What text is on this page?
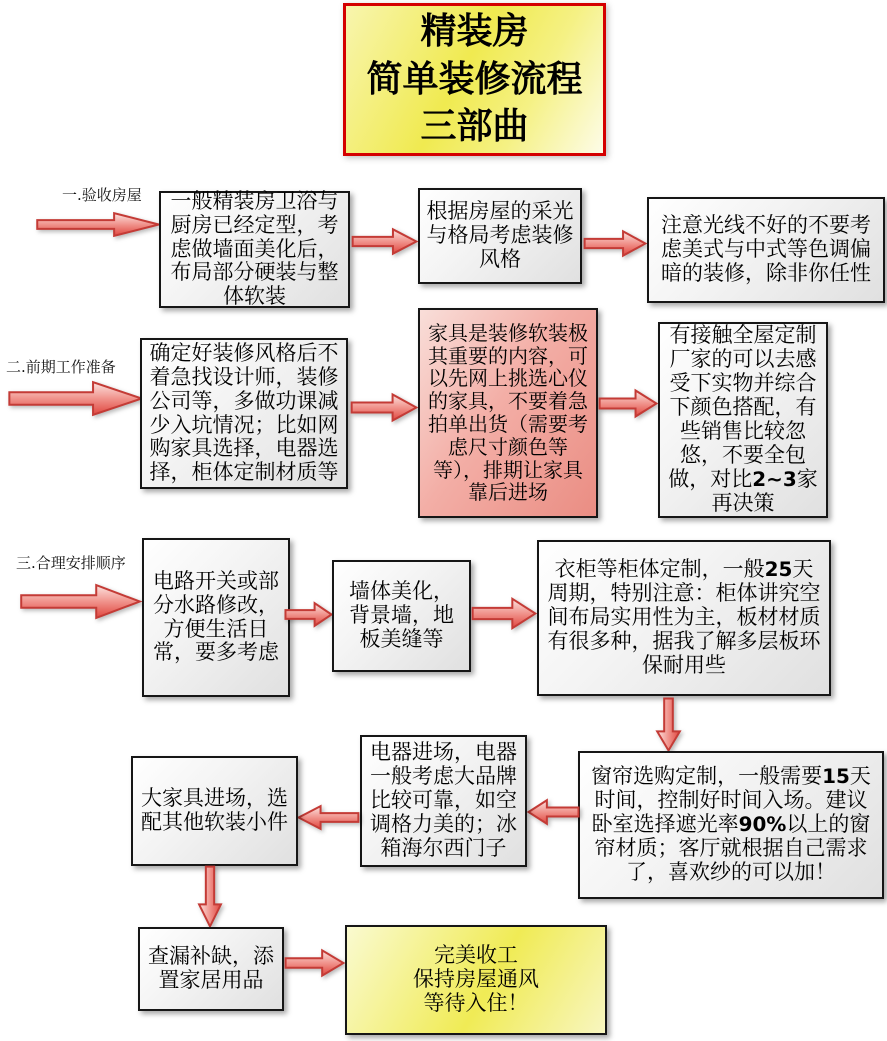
精装房
简单装修流程
三部曲
一.验收房屋
二.前期工作准备
三.合理安排顺序
一般精装房卫浴与厨房已经定型，考虑做墙面美化后，布局部分硬装与整体软装
根据房屋的采光与格局考虑装修风格
注意光线不好的不要考虑美式与中式等色调偏暗的装修，除非你任性
确定好装修风格后不着急找设计师，装修公司等，多做功课减少入坑情况；比如网购家具选择，电器选择，柜体定制材质等
家具是装修软装极其重要的内容，可以先网上挑选心仪的家具，不要着急拍单出货（需要考虑尺寸颜色等等），排期让家具靠后进场
有接触全屋定制厂家的可以去感受下实物并综合下颜色搭配，有些销售比较忽悠，不要全包做，对比2~3家再决策
电路开关或部分水路修改，方便生活日常，要多考虑
墙体美化，背景墙，地板美缝等
衣柜等柜体定制，一般25天周期，特别注意：柜体讲究空间布局实用性为主，板材材质有很多种，据我了解多层板环保耐用些
窗帘选购定制，一般需要15天时间，控制好时间入场。建议卧室选择遮光率90%以上的窗帘材质；客厅就根据自己需求了，喜欢纱的可以加！
电器进场，电器一般考虑大品牌比较可靠，如空调格力美的；冰箱海尔西门子
大家具进场，选配其他软装小件
查漏补缺，添置家居用品
完美收工
保持房屋通风
等待入住！
